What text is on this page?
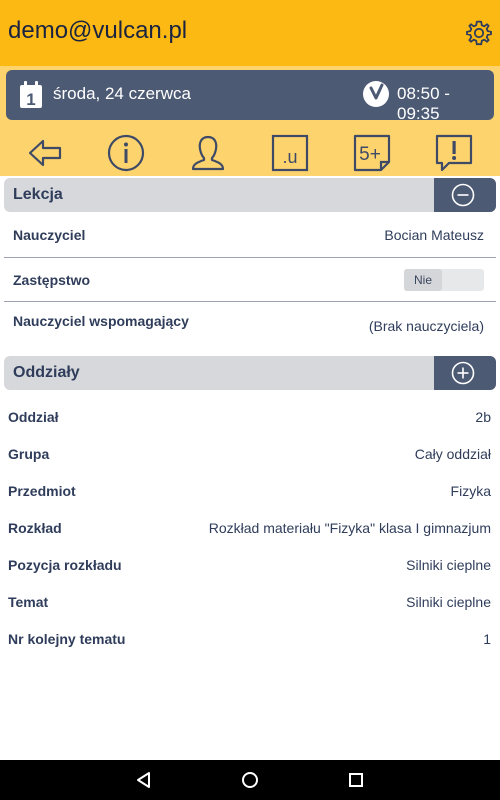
demo@vulcan.pl
1 środa, 24 czerwca	08:50 - 09:35
.u	5+
Lekcja
Nauczyciel	Bocian Mateusz
Zastępstwo	Nie
Nauczyciel wspomagający	(Brak nauczyciela)
Oddziały
Oddział	2b
Grupa	Cały oddział
Przedmiot	Fizyka
Rozkład	Rozkład materiału "Fizyka" klasa I gimnazjum
Pozycja rozkładu	Silniki cieplne
Temat	Silniki cieplne
Nr kolejny tematu	1
